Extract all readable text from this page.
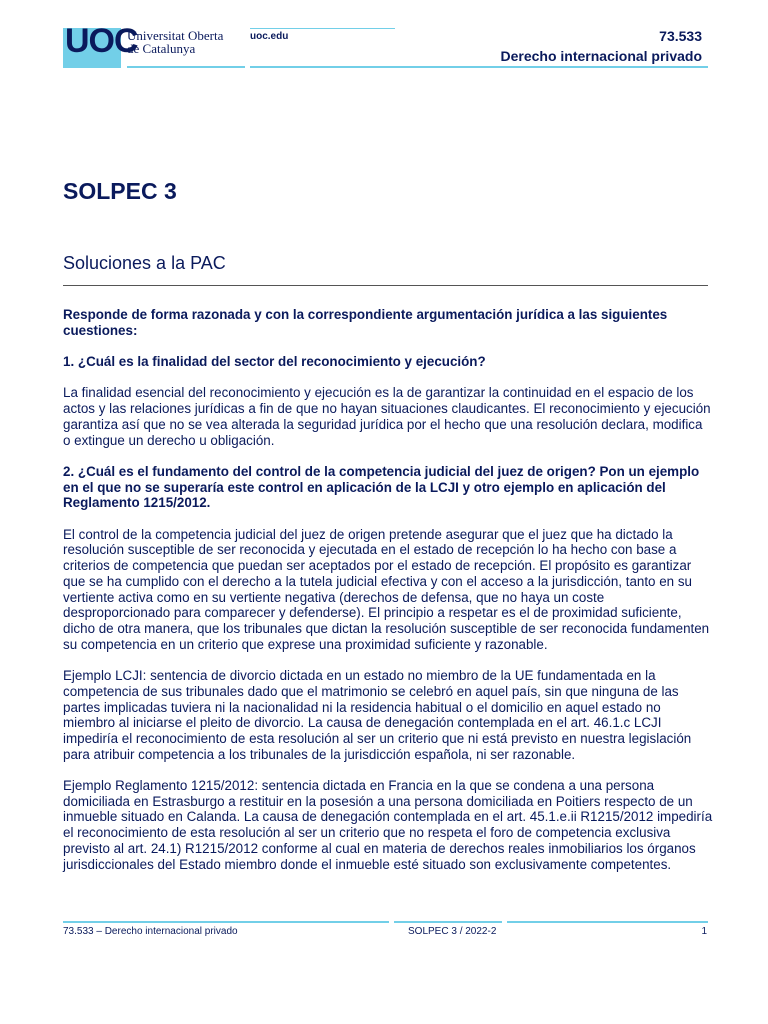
UOC
Universitat Oberta
de Catalunya
uoc.edu	73.533
Derecho internacional privado
SOLPEC 3
Soluciones a la PAC

Responde de forma razonada y con la correspondiente argumentación jurídica a las siguientes cuestiones:

1. ¿Cuál es la finalidad del sector del reconocimiento y ejecución?

La finalidad esencial del reconocimiento y ejecución es la de garantizar la continuidad en el espacio de los actos y las relaciones jurídicas a fin de que no hayan situaciones claudicantes. El reconocimiento y ejecución garantiza así que no se vea alterada la seguridad jurídica por el hecho que una resolución declara, modifica o extingue un derecho u obligación.

2. ¿Cuál es el fundamento del control de la competencia judicial del juez de origen? Pon un ejemplo en el que no se superaría este control en aplicación de la LCJI y otro ejemplo en aplicación del Reglamento 1215/2012.

El control de la competencia judicial del juez de origen pretende asegurar que el juez que ha dictado la resolución susceptible de ser reconocida y ejecutada en el estado de recepción lo ha hecho con base a criterios de competencia que puedan ser aceptados por el estado de recepción. El propósito es garantizar que se ha cumplido con el derecho a la tutela judicial efectiva y con el acceso a la jurisdicción, tanto en su vertiente activa como en su vertiente negativa (derechos de defensa, que no haya un coste desproporcionado para comparecer y defenderse). El principio a respetar es el de proximidad suficiente, dicho de otra manera, que los tribunales que dictan la resolución susceptible de ser reconocida fundamenten su competencia en un criterio que exprese una proximidad suficiente y razonable.

Ejemplo LCJI: sentencia de divorcio dictada en un estado no miembro de la UE fundamentada en la competencia de sus tribunales dado que el matrimonio se celebró en aquel país, sin que ninguna de las partes implicadas tuviera ni la nacionalidad ni la residencia habitual o el domicilio en aquel estado no miembro al iniciarse el pleito de divorcio. La causa de denegación contemplada en el art. 46.1.c LCJI impediría el reconocimiento de esta resolución al ser un criterio que ni está previsto en nuestra legislación para atribuir competencia a los tribunales de la jurisdicción española, ni ser razonable.

Ejemplo Reglamento 1215/2012: sentencia dictada en Francia en la que se condena a una persona domiciliada en Estrasburgo a restituir en la posesión a una persona domiciliada en Poitiers respecto de un inmueble situado en Calanda. La causa de denegación contemplada en el art. 45.1.e.ii R1215/2012 impediría el reconocimiento de esta resolución al ser un criterio que no respeta el foro de competencia exclusiva previsto al art. 24.1) R1215/2012 conforme al cual en materia de derechos reales inmobiliarios los órganos jurisdiccionales del Estado miembro donde el inmueble esté situado son exclusivamente competentes.

73.533 – Derecho internacional privado	SOLPEC 3 / 2022-2	1
